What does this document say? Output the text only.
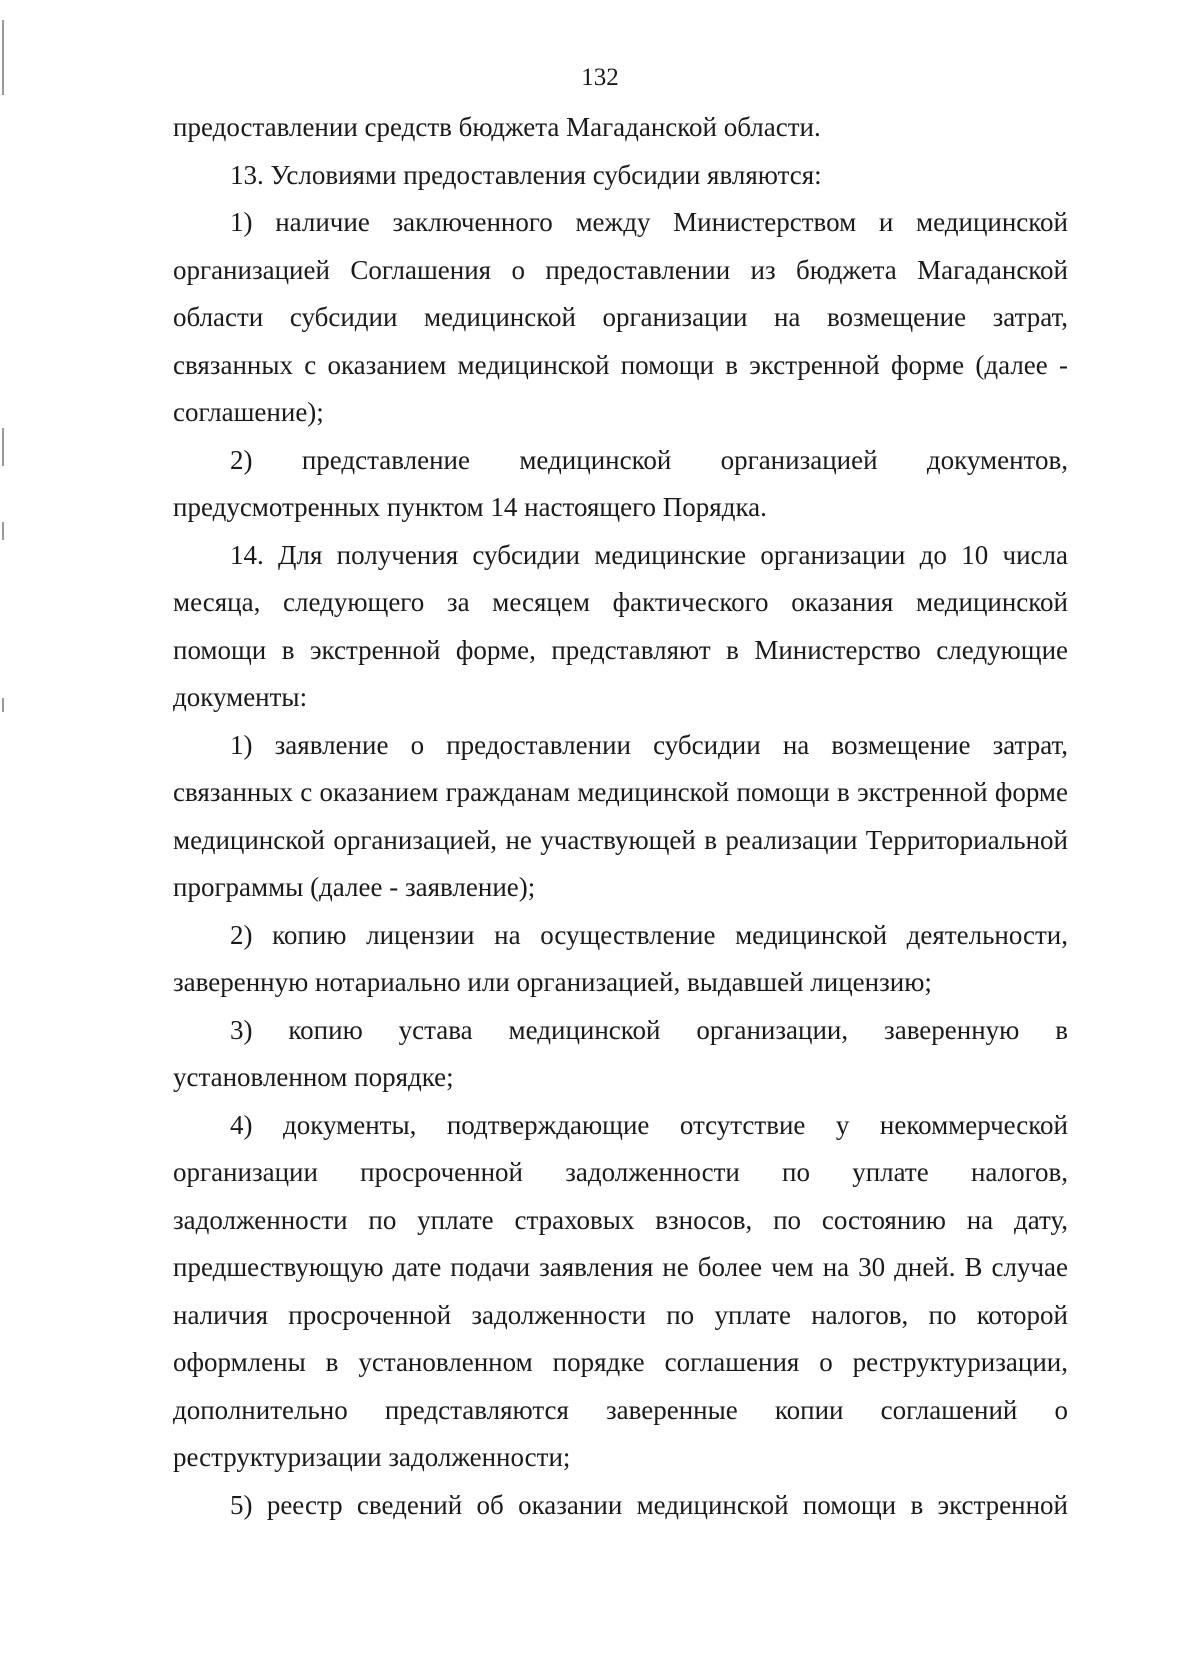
132

предоставлении средств бюджета Магаданской области.

13. Условиями предоставления субсидии являются:

1) наличие заключенного между Министерством и медицинской организацией Соглашения о предоставлении из бюджета Магаданской области субсидии медицинской организации на возмещение затрат, связанных с оказанием медицинской помощи в экстренной форме (далее - соглашение);

2) представление медицинской организацией документов, предусмотренных пунктом 14 настоящего Порядка.

14. Для получения субсидии медицинские организации до 10 числа месяца, следующего за месяцем фактического оказания медицинской помощи в экстренной форме, представляют в Министерство следующие документы:

1) заявление о предоставлении субсидии на возмещение затрат, связанных с оказанием гражданам медицинской помощи в экстренной форме медицинской организацией, не участвующей в реализации Территориальной программы (далее - заявление);

2) копию лицензии на осуществление медицинской деятельности, заверенную нотариально или организацией, выдавшей лицензию;

3) копию устава медицинской организации, заверенную в установленном порядке;

4) документы, подтверждающие отсутствие у некоммерческой организации просроченной задолженности по уплате налогов, задолженности по уплате страховых взносов, по состоянию на дату, предшествующую дате подачи заявления не более чем на 30 дней. В случае наличия просроченной задолженности по уплате налогов, по которой оформлены в установленном порядке соглашения о реструктуризации, дополнительно представляются заверенные копии соглашений о реструктуризации задолженности;

5) реестр сведений об оказании медицинской помощи в экстренной
